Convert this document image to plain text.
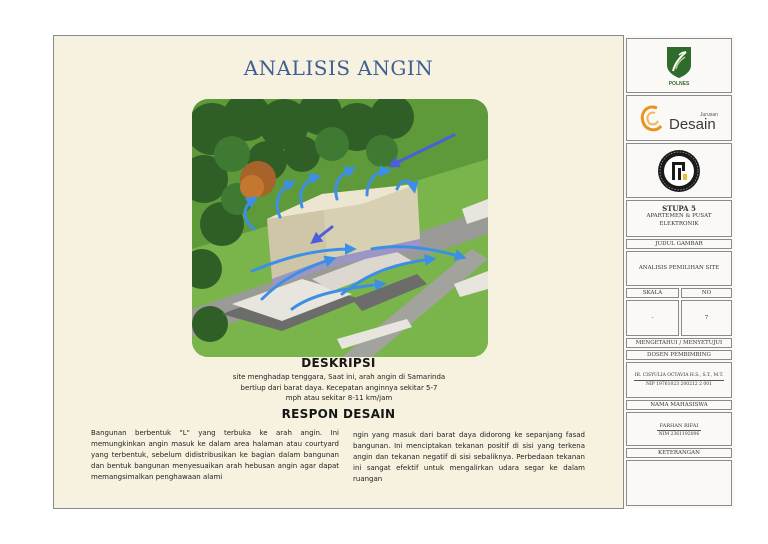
ANALISIS ANGIN
DESKRIPSI
site menghadap tenggara, Saat ini, arah angin di Samarinda
bertiup dari barat daya. Kecepatan anginnya sekitar 5-7
mph atau sekitar 8-11 km/jam
RESPON DESAIN
Bangunan berbentuk "L" yang terbuka ke arah angin. Ini memungkinkan angin masuk ke dalam area halaman atau courtyard yang terbentuk, sebelum didistribusikan ke bagian dalam bangunan dan bentuk bangunan menyesuaikan arah hebusan angin agar dapat memangsimalkan penghawaan alami
ngin yang masuk dari barat daya didorong ke sepanjang fasad bangunan. Ini menciptakan tekanan positif di sisi yang terkena angin dan tekanan negatif di sisi sebaliknya. Perbedaan tekanan ini sangat efektif untuk mengalirkan udara segar ke dalam ruangan
POLNES
Jurusan
Desain
STUPA 5
APARTEMEN & PUSAT ELEKTRONIK
JUDUL GAMBAR
ANALISIS PEMILIHAN SITE
SKALA	NO
-	7
MENGETAHUI / MENYETUJUI
DOSEN PEMBIMBING
IR. CISYULIA OCTAVIA H.S., S.T., M.T.
NIP 19761023 200212 2 001
NAMA MAHASISWA
FARHAN RIFAI
NIM 2361192006
KETERANGAN
